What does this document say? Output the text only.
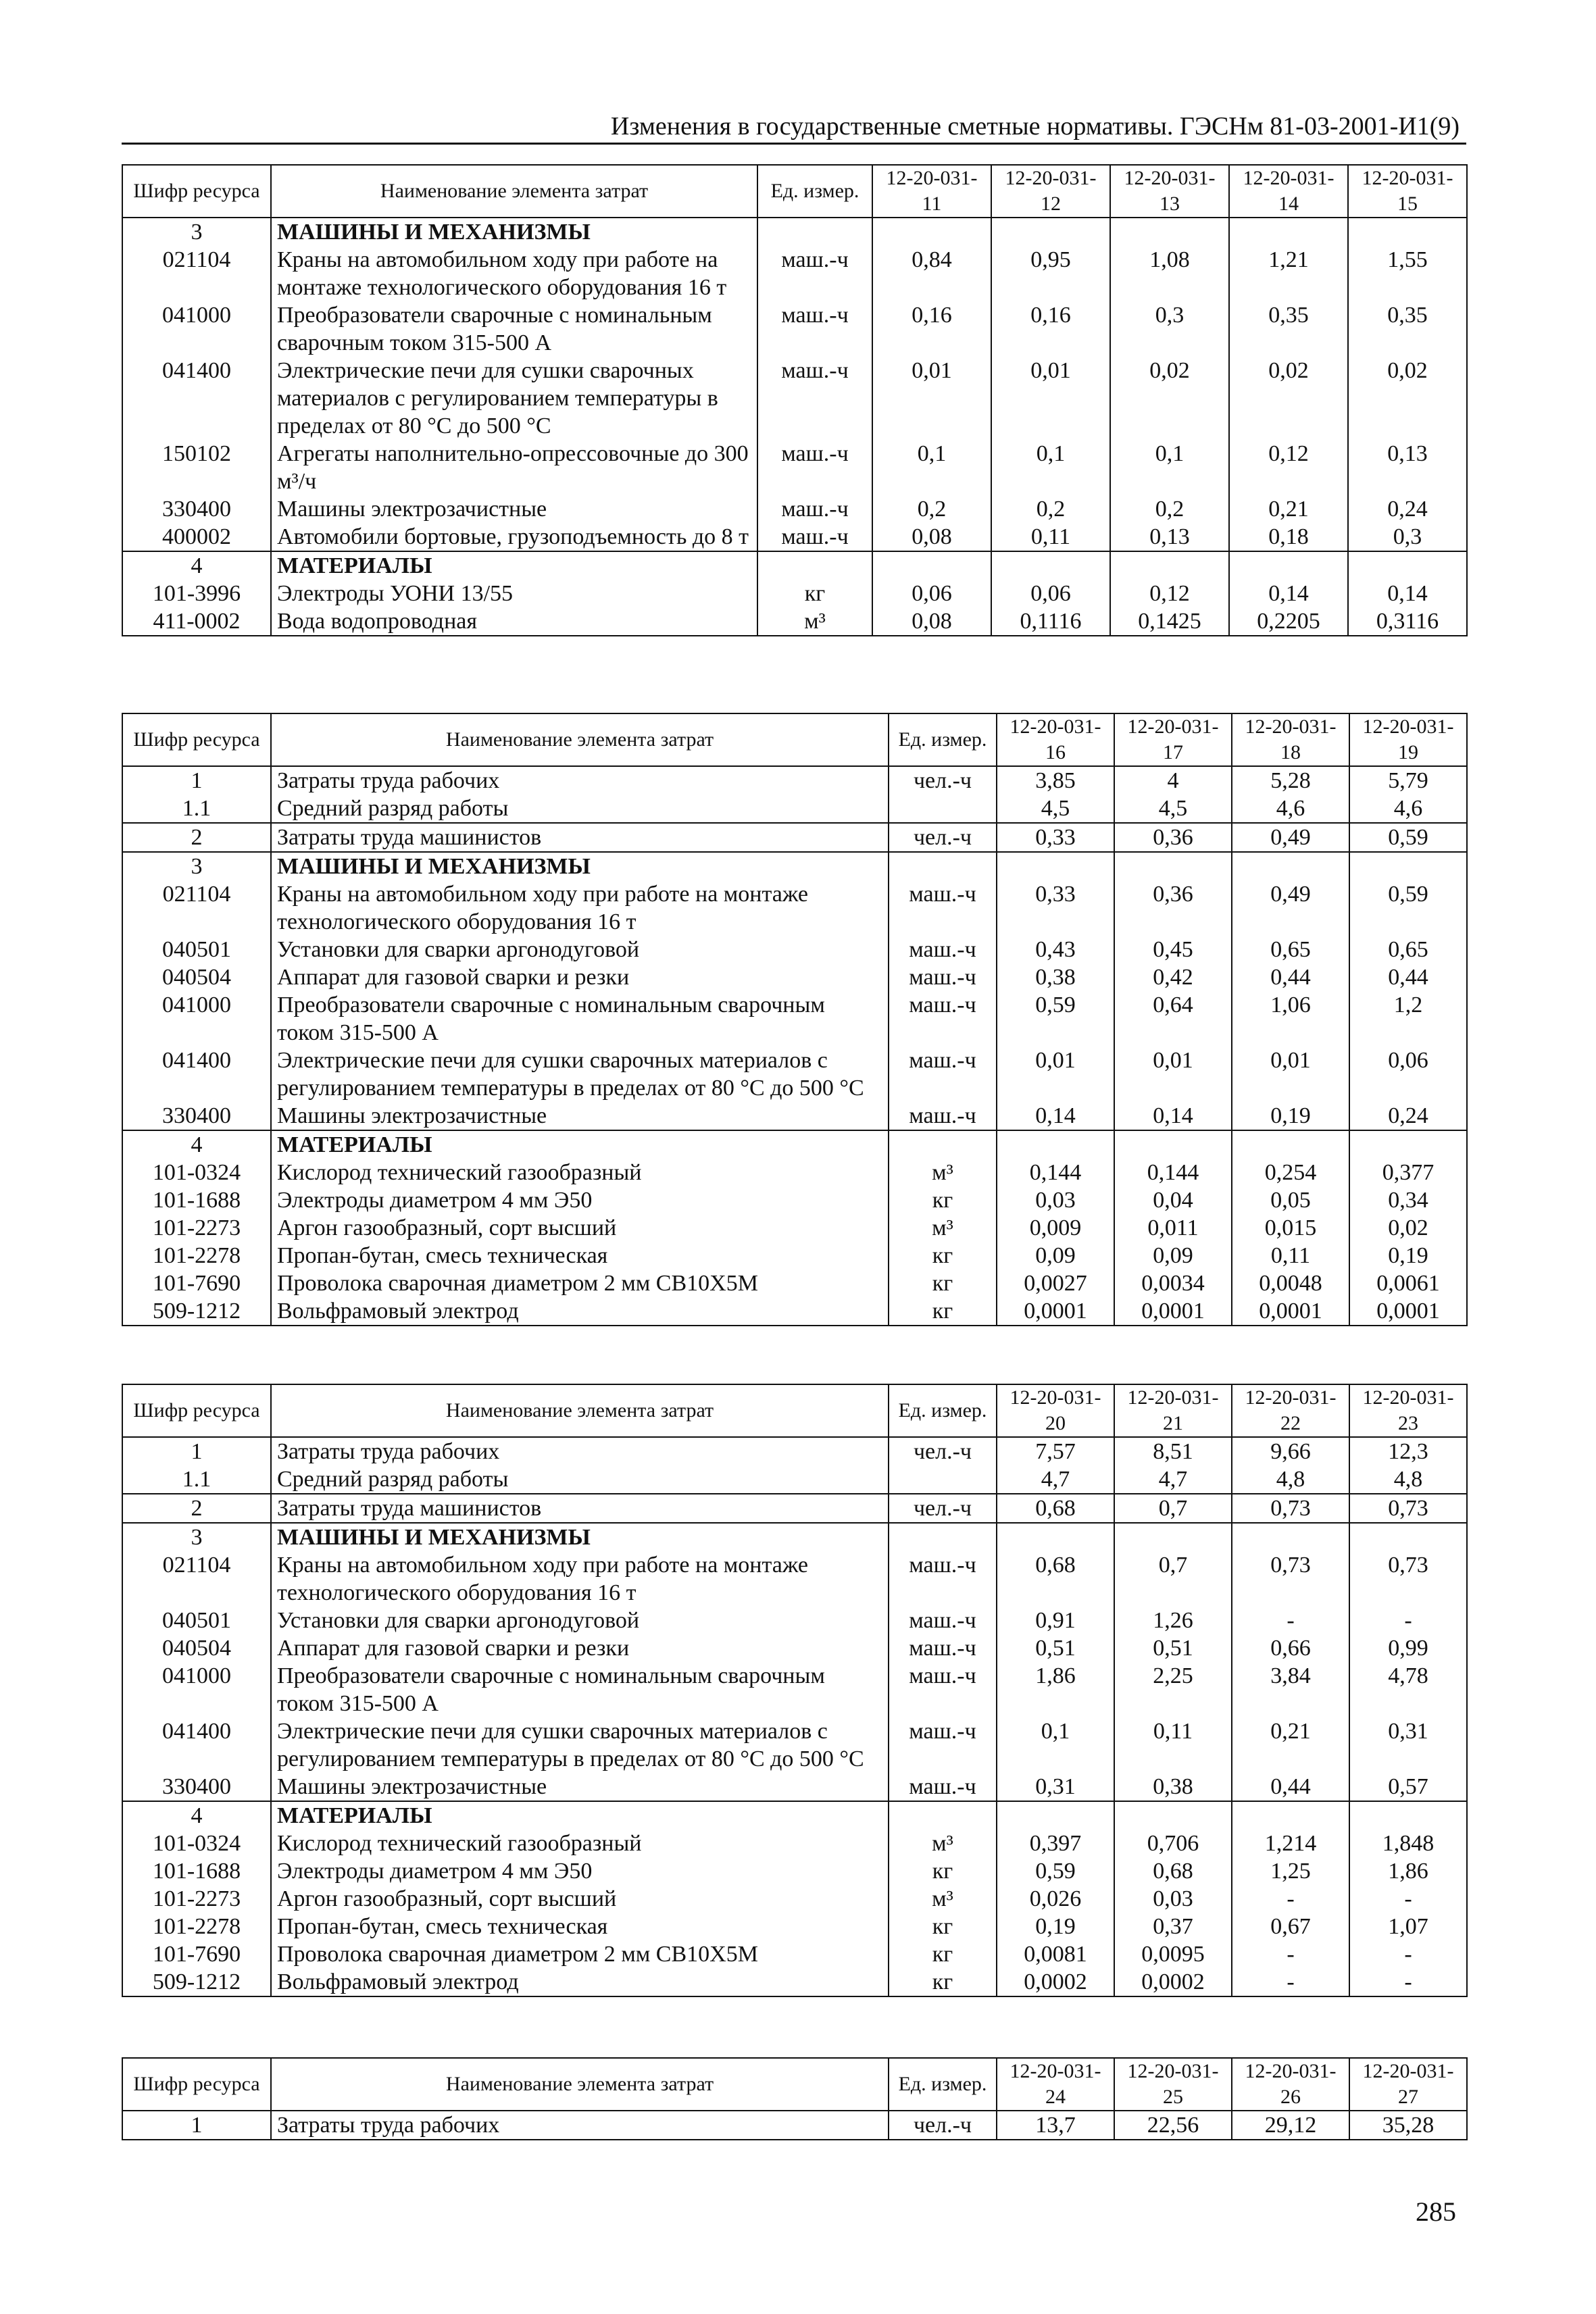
Изменения в государственные сметные нормативы. ГЭСНм 81-03-2001-И1(9)
Шифр ресурса	Наименование элемента затрат	Ед. измер.	12-20-031-11	12-20-031-12	12-20-031-13	12-20-031-14	12-20-031-15
3	МАШИНЫ И МЕХАНИЗМЫ						
021104	Краны на автомобильном ходу при работе на монтаже технологического оборудования 16 т	маш.-ч	0,84	0,95	1,08	1,21	1,55
041000	Преобразователи сварочные с номинальным сварочным током 315-500 А	маш.-ч	0,16	0,16	0,3	0,35	0,35
041400	Электрические печи для сушки сварочных материалов с регулированием температуры в пределах от 80 °С до 500 °С	маш.-ч	0,01	0,01	0,02	0,02	0,02
150102	Агрегаты наполнительно-опрессовочные до 300 м³/ч	маш.-ч	0,1	0,1	0,1	0,12	0,13
330400	Машины электрозачистные	маш.-ч	0,2	0,2	0,2	0,21	0,24
400002	Автомобили бортовые, грузоподъемность до 8 т	маш.-ч	0,08	0,11	0,13	0,18	0,3
4	МАТЕРИАЛЫ						
101-3996	Электроды УОНИ 13/55	кг	0,06	0,06	0,12	0,14	0,14
411-0002	Вода водопроводная	м³	0,08	0,1116	0,1425	0,2205	0,3116
Шифр ресурса	Наименование элемента затрат	Ед. измер.	12-20-031-16	12-20-031-17	12-20-031-18	12-20-031-19
1	Затраты труда рабочих	чел.-ч	3,85	4	5,28	5,79
1.1	Средний разряд работы		4,5	4,5	4,6	4,6
2	Затраты труда машинистов	чел.-ч	0,33	0,36	0,49	0,59
3	МАШИНЫ И МЕХАНИЗМЫ					
021104	Краны на автомобильном ходу при работе на монтаже технологического оборудования 16 т	маш.-ч	0,33	0,36	0,49	0,59
040501	Установки для сварки аргонодуговой	маш.-ч	0,43	0,45	0,65	0,65
040504	Аппарат для газовой сварки и резки	маш.-ч	0,38	0,42	0,44	0,44
041000	Преобразователи сварочные с номинальным сварочным током 315-500 А	маш.-ч	0,59	0,64	1,06	1,2
041400	Электрические печи для сушки сварочных материалов с регулированием температуры в пределах от 80 °С до 500 °С	маш.-ч	0,01	0,01	0,01	0,06
330400	Машины электрозачистные	маш.-ч	0,14	0,14	0,19	0,24
4	МАТЕРИАЛЫ					
101-0324	Кислород технический газообразный	м³	0,144	0,144	0,254	0,377
101-1688	Электроды диаметром 4 мм Э50	кг	0,03	0,04	0,05	0,34
101-2273	Аргон газообразный, сорт высший	м³	0,009	0,011	0,015	0,02
101-2278	Пропан-бутан, смесь техническая	кг	0,09	0,09	0,11	0,19
101-7690	Проволока сварочная диаметром 2 мм СВ10Х5М	кг	0,0027	0,0034	0,0048	0,0061
509-1212	Вольфрамовый электрод	кг	0,0001	0,0001	0,0001	0,0001
Шифр ресурса	Наименование элемента затрат	Ед. измер.	12-20-031-20	12-20-031-21	12-20-031-22	12-20-031-23
1	Затраты труда рабочих	чел.-ч	7,57	8,51	9,66	12,3
1.1	Средний разряд работы		4,7	4,7	4,8	4,8
2	Затраты труда машинистов	чел.-ч	0,68	0,7	0,73	0,73
3	МАШИНЫ И МЕХАНИЗМЫ					
021104	Краны на автомобильном ходу при работе на монтаже технологического оборудования 16 т	маш.-ч	0,68	0,7	0,73	0,73
040501	Установки для сварки аргонодуговой	маш.-ч	0,91	1,26	-	-
040504	Аппарат для газовой сварки и резки	маш.-ч	0,51	0,51	0,66	0,99
041000	Преобразователи сварочные с номинальным сварочным током 315-500 А	маш.-ч	1,86	2,25	3,84	4,78
041400	Электрические печи для сушки сварочных материалов с регулированием температуры в пределах от 80 °С до 500 °С	маш.-ч	0,1	0,11	0,21	0,31
330400	Машины электрозачистные	маш.-ч	0,31	0,38	0,44	0,57
4	МАТЕРИАЛЫ					
101-0324	Кислород технический газообразный	м³	0,397	0,706	1,214	1,848
101-1688	Электроды диаметром 4 мм Э50	кг	0,59	0,68	1,25	1,86
101-2273	Аргон газообразный, сорт высший	м³	0,026	0,03	-	-
101-2278	Пропан-бутан, смесь техническая	кг	0,19	0,37	0,67	1,07
101-7690	Проволока сварочная диаметром 2 мм СВ10Х5М	кг	0,0081	0,0095	-	-
509-1212	Вольфрамовый электрод	кг	0,0002	0,0002	-	-
Шифр ресурса	Наименование элемента затрат	Ед. измер.	12-20-031-24	12-20-031-25	12-20-031-26	12-20-031-27
1	Затраты труда рабочих	чел.-ч	13,7	22,56	29,12	35,28
285
